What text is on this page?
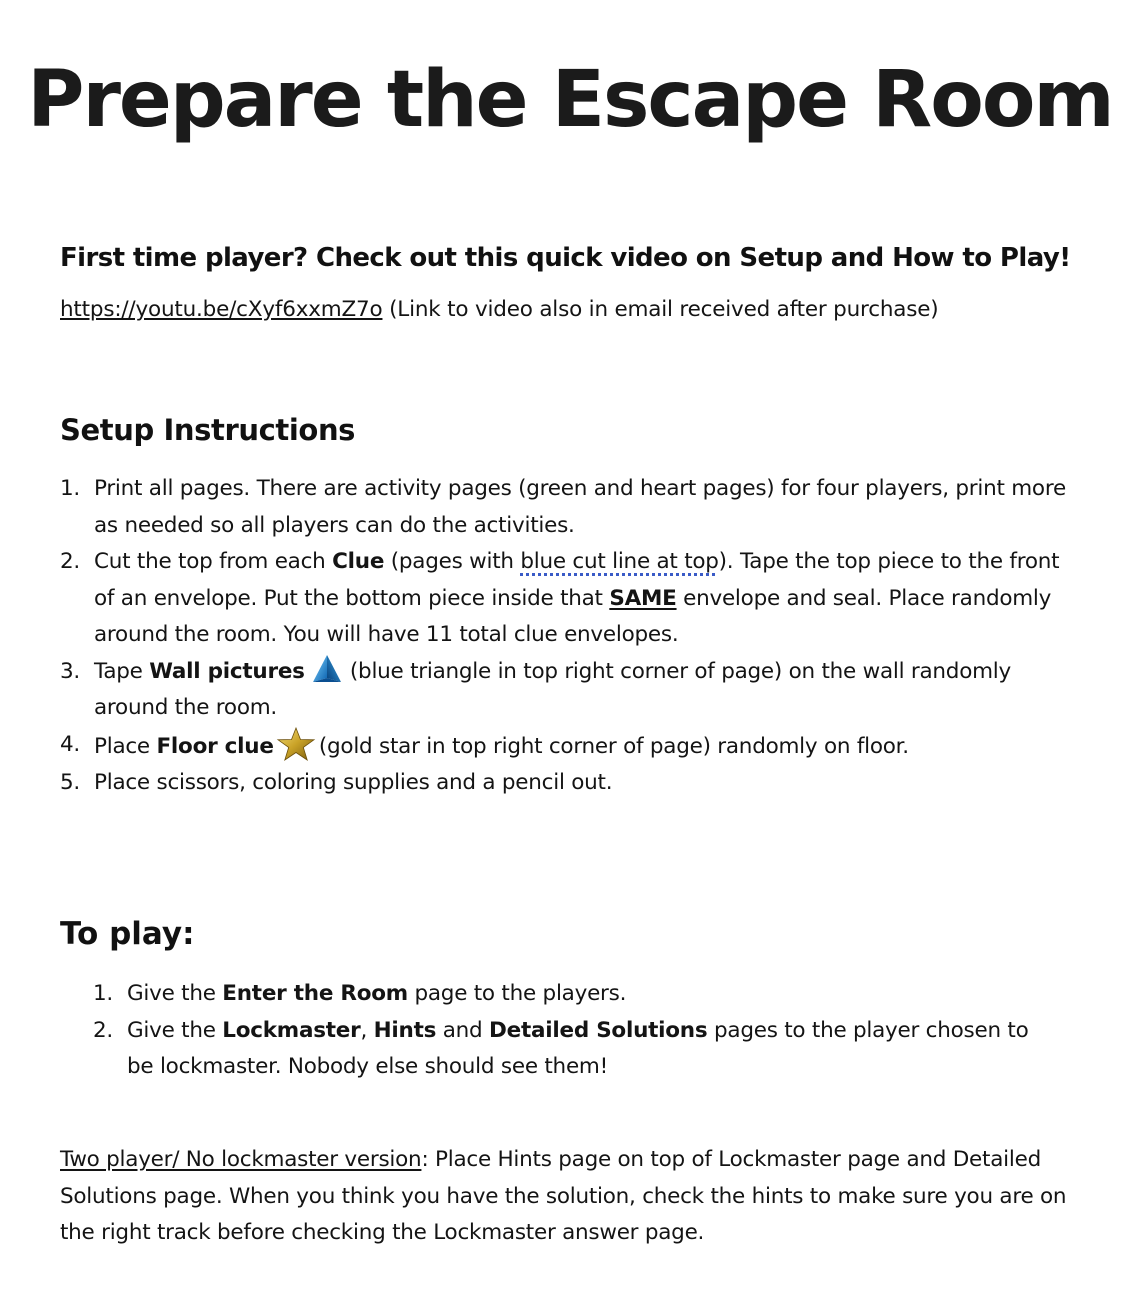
Prepare the Escape Room
First time player? Check out this quick video on Setup and How to Play!

https://youtu.be/cXyf6xxmZ7o (Link to video also in email received after purchase)

Setup Instructions
1. Print all pages. There are activity pages (green and heart pages) for four players, print more as needed so all players can do the activities.
2. Cut the top from each Clue (pages with blue cut line at top). Tape the top piece to the front of an envelope. Put the bottom piece inside that SAME envelope and seal. Place randomly around the room. You will have 11 total clue envelopes.
3. Tape Wall pictures  (blue triangle in top right corner of page) on the wall randomly around the room.
4. Place Floor clue  (gold star in top right corner of page) randomly on floor.
5. Place scissors, coloring supplies and a pencil out.
To play:
1. Give the Enter the Room page to the players.
2. Give the Lockmaster, Hints and Detailed Solutions pages to the player chosen to be lockmaster. Nobody else should see them!

Two player/ No lockmaster version: Place Hints page on top of Lockmaster page and Detailed Solutions page. When you think you have the solution, check the hints to make sure you are on the right track before checking the Lockmaster answer page.
